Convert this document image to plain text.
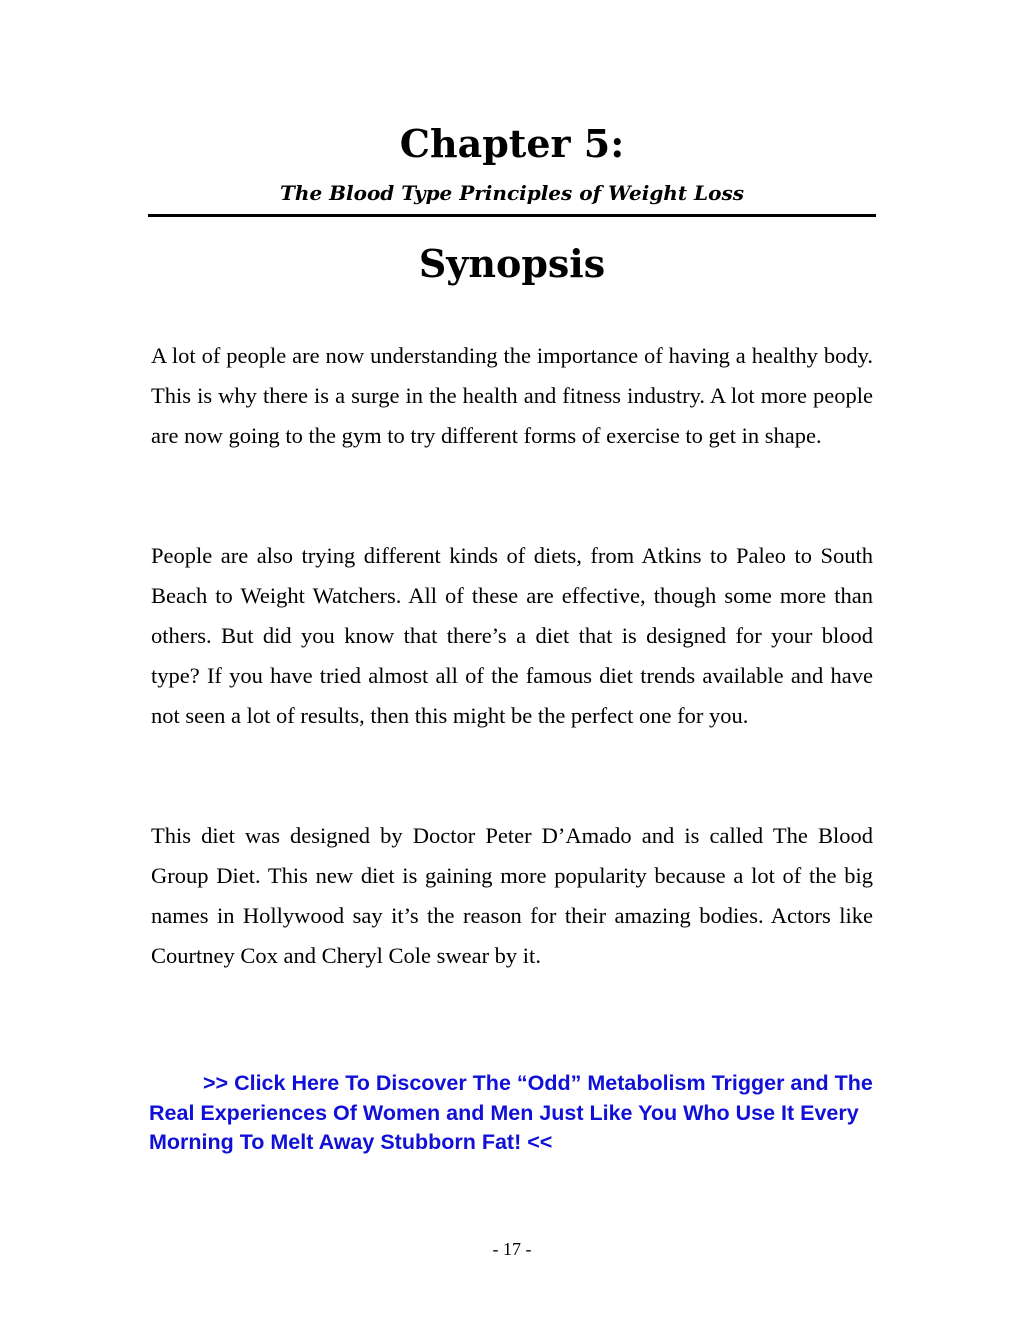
Chapter 5:

The Blood Type Principles of Weight Loss

Synopsis

A lot of people are now understanding the importance of having a healthy body. This is why there is a surge in the health and fitness industry. A lot more people are now going to the gym to try different forms of exercise to get in shape.

People are also trying different kinds of diets, from Atkins to Paleo to South Beach to Weight Watchers. All of these are effective, though some more than others. But did you know that there’s a diet that is designed for your blood type? If you have tried almost all of the famous diet trends available and have not seen a lot of results, then this might be the perfect one for you.

This diet was designed by Doctor Peter D’Amado and is called The Blood Group Diet. This new diet is gaining more popularity because a lot of the big names in Hollywood say it’s the reason for their amazing bodies. Actors like Courtney Cox and Cheryl Cole swear by it.

>> Click Here To Discover The “Odd” Metabolism Trigger and The Real Experiences Of Women and Men Just Like You Who Use It Every Morning To Melt Away Stubborn Fat! <<

- 17 -
